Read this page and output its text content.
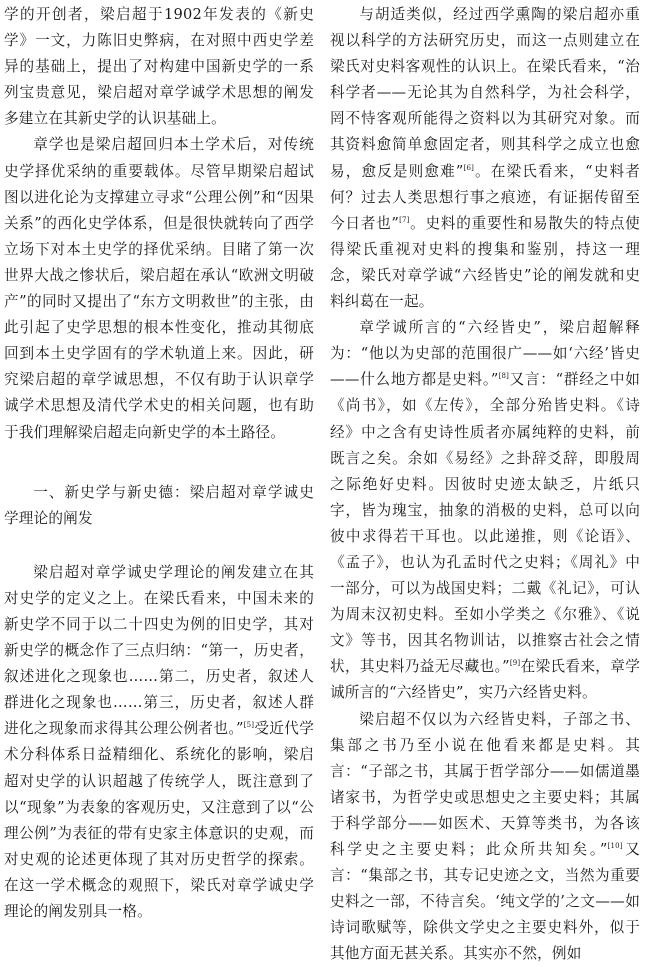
学的开创者，梁启超于1902年发表的《新史学》一文，力陈旧史弊病，在对照中西史学差异的基础上，提出了对构建中国新史学的一系列宝贵意见，梁启超对章学诚学术思想的阐发多建立在其新史学的认识基础上。

章学也是梁启超回归本土学术后，对传统史学择优采纳的重要载体。尽管早期梁启超试图以进化论为支撑建立寻求“公理公例”和“因果关系”的西化史学体系，但是很快就转向了西学立场下对本土史学的择优采纳。目睹了第一次世界大战之惨状后，梁启超在承认“欧洲文明破产”的同时又提出了“东方文明救世”的主张，由此引起了史学思想的根本性变化，推动其彻底回到本土史学固有的学术轨道上来。因此，研究梁启超的章学诚思想，不仅有助于认识章学诚学术思想及清代学术史的相关问题，也有助于我们理解梁启超走向新史学的本土路径。

一、新史学与新史德：梁启超对章学诚史学理论的阐发

梁启超对章学诚史学理论的阐发建立在其对史学的定义之上。在梁氏看来，中国未来的新史学不同于以二十四史为例的旧史学，其对新史学的概念作了三点归纳：“第一，历史者，叙述进化之现象也……第二，历史者，叙述人群进化之现象也……第三，历史者，叙述人群进化之现象而求得其公理公例者也。”[5]受近代学术分科体系日益精细化、系统化的影响，梁启超对史学的认识超越了传统学人，既注意到了以“现象”为表象的客观历史，又注意到了以“公理公例”为表征的带有史家主体意识的史观，而对史观的论述更体现了其对历史哲学的探索。在这一学术概念的观照下，梁氏对章学诚史学理论的阐发别具一格。

与胡适类似，经过西学熏陶的梁启超亦重视以科学的方法研究历史，而这一点则建立在梁氏对史料客观性的认识上。在梁氏看来，“治科学者——无论其为自然科学，为社会科学，罔不恃客观所能得之资料以为其研究对象。而其资料愈简单愈固定者，则其科学之成立也愈易，愈反是则愈难”[6]。在梁氏看来，“史料者何？过去人类思想行事之痕迹，有证据传留至今日者也”[7]。史料的重要性和易散失的特点使得梁氏重视对史料的搜集和鉴别，持这一理念，梁氏对章学诚“六经皆史”论的阐发就和史料纠葛在一起。

章学诚所言的“六经皆史”，梁启超解释为：“他以为史部的范围很广——如‘六经’皆史——什么地方都是史料。”[8]又言：“群经之中如《尚书》，如《左传》，全部分殆皆史料。《诗经》中之含有史诗性质者亦属纯粹的史料，前既言之矣。余如《易经》之卦辞爻辞，即殷周之际绝好史料。因彼时史迹太缺乏，片纸只字，皆为瑰宝，抽象的消极的史料，总可以向彼中求得若干耳也。以此递推，则《论语》、《孟子》，也认为孔孟时代之史料；《周礼》中一部分，可以为战国史料；二戴《礼记》，可认为周末汉初史料。至如小学类之《尔雅》、《说文》等书，因其名物训诂，以推察古社会之情状，其史料乃益无尽藏也。”[9]在梁氏看来，章学诚所言的“六经皆史”，实乃六经皆史料。

梁启超不仅以为六经皆史料，子部之书、集部之书乃至小说在他看来都是史料。其言：“子部之书，其属于哲学部分——如儒道墨诸家书，为哲学史或思想史之主要史料；其属于科学部分——如医术、天算等类书，为各该科学史之主要史料；此众所共知矣。”[10]又言：“集部之书，其专记史迹之文，当然为重要史料之一部，不待言矣。‘纯文学的’之文——如诗词歌赋等，除供文学史之主要史料外，似于其他方面无甚关系。其实亦不然，例如
